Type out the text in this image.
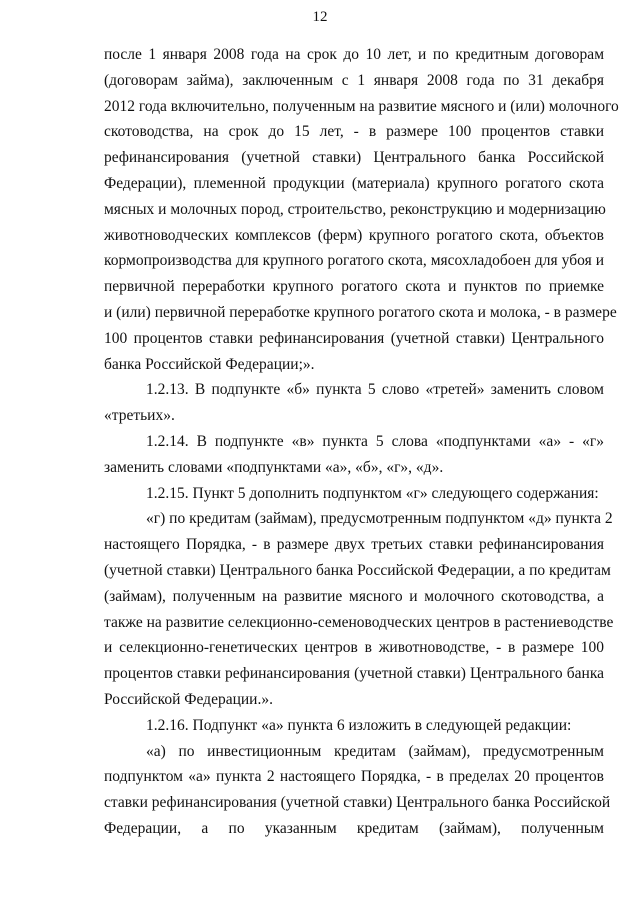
12
после 1 января 2008 года на срок до 10 лет, и по кредитным договорам
(договорам займа), заключенным с 1 января 2008 года по 31 декабря
2012 года включительно, полученным на развитие мясного и (или) молочного
скотоводства, на срок до 15 лет, - в размере 100 процентов ставки
рефинансирования (учетной ставки) Центрального банка Российской
Федерации), племенной продукции (материала) крупного рогатого скота
мясных и молочных пород, строительство, реконструкцию и модернизацию
животноводческих комплексов (ферм) крупного рогатого скота, объектов
кормопроизводства для крупного рогатого скота, мясохладобоен для убоя и
первичной переработки крупного рогатого скота и пунктов по приемке
и (или) первичной переработке крупного рогатого скота и молока, - в размере
100 процентов ставки рефинансирования (учетной ставки) Центрального
банка Российской Федерации;».
1.2.13. В подпункте «б» пункта 5 слово «третей» заменить словом
«третьих».
1.2.14. В подпункте «в» пункта 5 слова «подпунктами «а» - «г»
заменить словами «подпунктами «а», «б», «г», «д».
1.2.15. Пункт 5 дополнить подпунктом «г» следующего содержания:
«г) по кредитам (займам), предусмотренным подпунктом «д» пункта 2
настоящего Порядка, - в размере двух третьих ставки рефинансирования
(учетной ставки) Центрального банка Российской Федерации, а по кредитам
(займам), полученным на развитие мясного и молочного скотоводства, а
также на развитие селекционно-семеноводческих центров в растениеводстве
и селекционно-генетических центров в животноводстве, - в размере 100
процентов ставки рефинансирования (учетной ставки) Центрального банка
Российской Федерации.».
1.2.16. Подпункт «а» пункта 6 изложить в следующей редакции:
«а) по инвестиционным кредитам (займам), предусмотренным
подпунктом «а» пункта 2 настоящего Порядка, - в пределах 20 процентов
ставки рефинансирования (учетной ставки) Центрального банка Российской
Федерации, а по указанным кредитам (займам), полученным
